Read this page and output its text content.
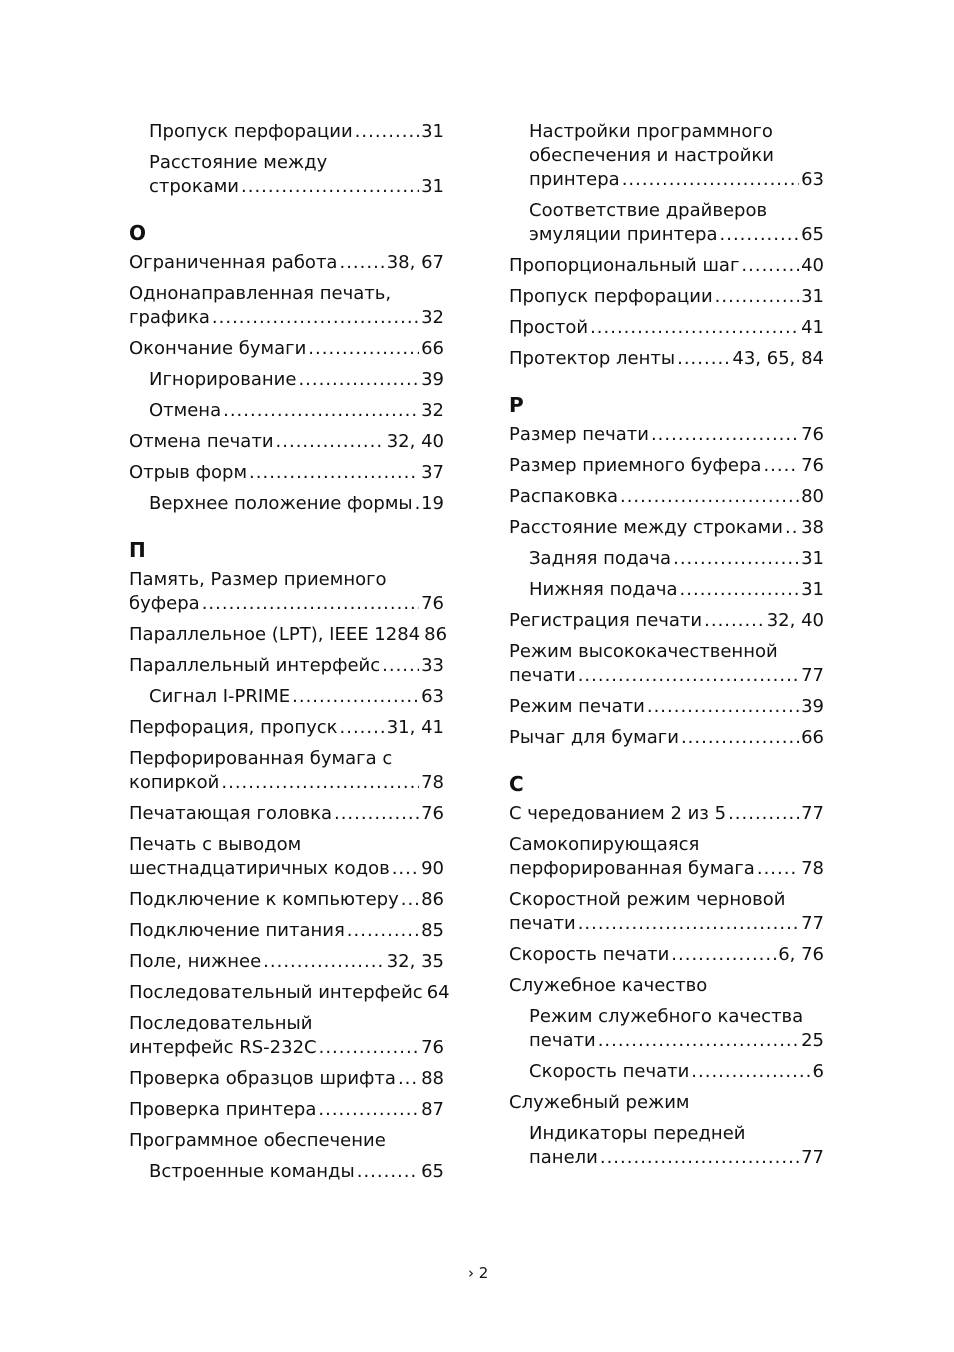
Пропуск перфорации .....	31
Расстояние между
строками .....	31
О
Ограниченная работа .....	38, 67
Однонаправленная печать,
графика .....	32
Окончание бумаги .....	66
Игнорирование .....	39
Отмена .....	32
Отмена печати .....	32, 40
Отрыв форм .....	37
Верхнее положение формы ..... 19
П
Память, Размер приемного
буфера .....	76
Параллельное (LPT), IEEE 1284 86
Параллельный интерфейс ..... 33
Сигнал I-PRIME .....	63
Перфорация, пропуск .....	31, 41
Перфорированная бумага с
копиркой .....	78
Печатающая головка .....	76
Печать с выводом
шестнадцатиричных кодов ..... 90
Подключение к компьютеру ..... 86
Подключение питания .....	85
Поле, нижнее .....	32, 35
Последовательный интерфейс 64
Последовательный
интерфейс RS-232C .....	76
Проверка образцов шрифта ..... 88
Проверка принтера .....	87
Программное обеспечение
Встроенные команды .....	65
Настройки программного
обеспечения и настройки
принтера .....	63
Соответствие драйверов
эмуляции принтера .....	65
Пропорциональный шаг .....	40
Пропуск перфорации .....	31
Простой .....	41
Протектор ленты .....	43, 65, 84
Р
Размер печати .....	76
Размер приемного буфера ..... 76
Распаковка .....	80
Расстояние между строками ..... 38
Задняя подача .....	31
Нижняя подача .....	31
Регистрация печати .....	32, 40
Режим высококачественной
печати .....	77
Режим печати .....	39
Рычаг для бумаги .....	66
С
С чередованием 2 из 5 .....	77
Самокопирующаяся
перфорированная бумага .....	78
Скоростной режим черновой
печати .....	77
Скорость печати .....	6, 76
Служебное качество
Режим служебного качества
печати .....	25
Скорость печати .....	6
Служебный режим
Индикаторы передней
панели .....	77
› 2
